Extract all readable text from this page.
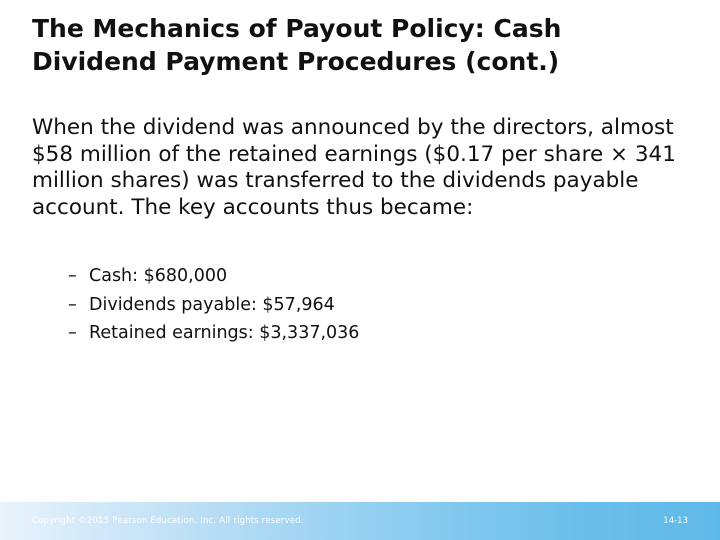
The Mechanics of Payout Policy: Cash
Dividend Payment Procedures (cont.)
When the dividend was announced by the directors, almost $58 million of the retained earnings ($0.17 per share × 341 million shares) was transferred to the dividends payable account. The key accounts thus became:
– Cash: $680,000
– Dividends payable: $57,964
– Retained earnings: $3,337,036
Copyright ©2015 Pearson Education, Inc. All rights reserved.	14-13
